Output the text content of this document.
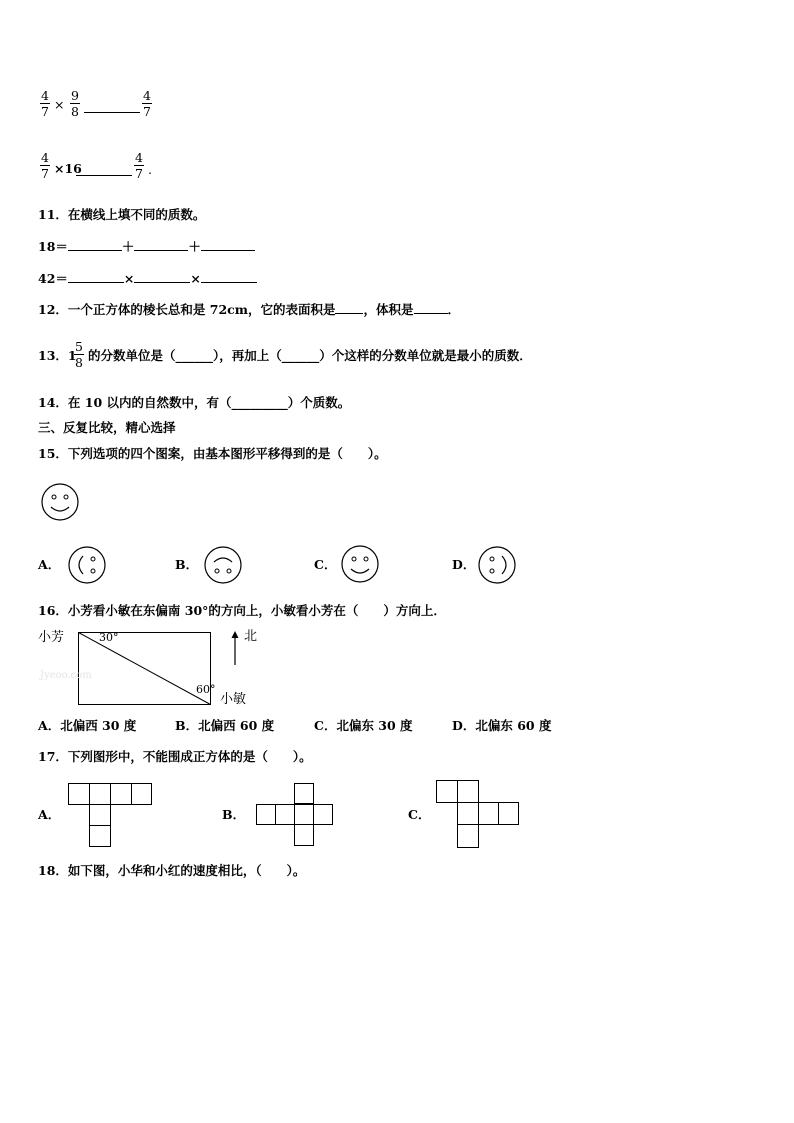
$\frac{4}{7} \times \frac{9}{8}$	$\frac{4}{7}$
$\frac{4}{7} \times 16$	$\frac{4}{7}$ .
11．在横线上填不同的质数。
18＝	＋	＋
42＝	×	×
12．一个正方体的棱长总和是 72cm，它的表面积是 ，体积是	．
13．1
$\frac{5}{8}$ 的分数单位是（______），再加上（______）个这样的分数单位就是最小的质数．
14．在 10 以内的自然数中，有（_________）个质数。
三、反复比较，精心选择
15．下列选项的四个图案，由基本图形平移得到的是（　　）。
A．	B．	C．	D．
16．小芳看小敏在东偏南 30°的方向上，小敏看小芳在（　　）方向上．
小芳	30°
60°
小敏
Jyeoo.com
北
A．北偏西 30 度	B．北偏西 60 度	C．北偏东 30 度	D．北偏东 60 度
17．下列图形中，不能围成正方体的是（　　）。
A．	B．	C．
18．如下图，小华和小红的速度相比，（　　）。
